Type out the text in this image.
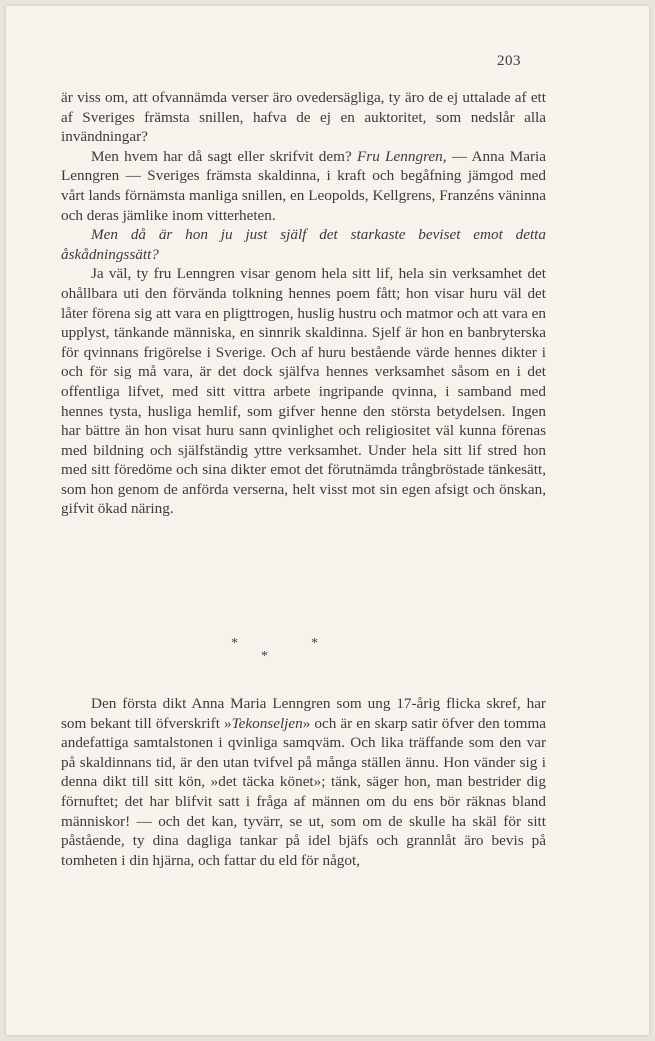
203

är viss om, att ofvannämda verser äro ovedersägliga, ty äro de ej uttalade af ett af Sveriges främsta snillen, hafva de ej en auktoritet, som nedslår alla invändningar?

Men hvem har då sagt eller skrifvit dem? Fru Lenngren, — Anna Maria Lenngren — Sveriges främsta skaldinna, i kraft och begåfning jämgod med vårt lands förnämsta manliga snillen, en Leopolds, Kellgrens, Franzéns väninna och deras jämlike inom vitterheten.

Men då är hon ju just själf det starkaste beviset emot detta åskådningssätt?

Ja väl, ty fru Lenngren visar genom hela sitt lif, hela sin verksamhet det ohållbara uti den förvända tolkning hennes poem fått; hon visar huru väl det låter förena sig att vara en pligttrogen, huslig hustru och matmor och att vara en upplyst, tänkande människa, en sinnrik skaldinna. Sjelf är hon en banbryterska för qvinnans frigörelse i Sverige. Och af huru bestående värde hennes dikter i och för sig må vara, är det dock själfva hennes verksamhet såsom en i det offentliga lifvet, med sitt vittra arbete ingripande qvinna, i samband med hennes tysta, husliga hemlif, som gifver henne den största betydelsen. Ingen har bättre än hon visat huru sann qvinlighet och religiositet väl kunna förenas med bildning och själfständig yttre verksamhet. Under hela sitt lif stred hon med sitt föredöme och sina dikter emot det förutnämda trångbröstade tänkesätt, som hon genom de anförda verserna, helt visst mot sin egen afsigt och önskan, gifvit ökad näring.

*	*
*

Den första dikt Anna Maria Lenngren som ung 17-årig flicka skref, har som bekant till öfverskrift »Tekonseljen» och är en skarp satir öfver den tomma andefattiga samtalstonen i qvinliga samqväm. Och lika träffande som den var på skaldinnans tid, är den utan tvifvel på många ställen ännu. Hon vänder sig i denna dikt till sitt kön, »det täcka könet»; tänk, säger hon, man bestrider dig förnuftet; det har blifvit satt i fråga af männen om du ens bör räknas bland människor! — och det kan, tyvärr, se ut, som om de skulle ha skäl för sitt påstående, ty dina dagliga tankar på idel bjäfs och grannlåt äro bevis på tomheten i din hjärna, och fattar du eld för något,
